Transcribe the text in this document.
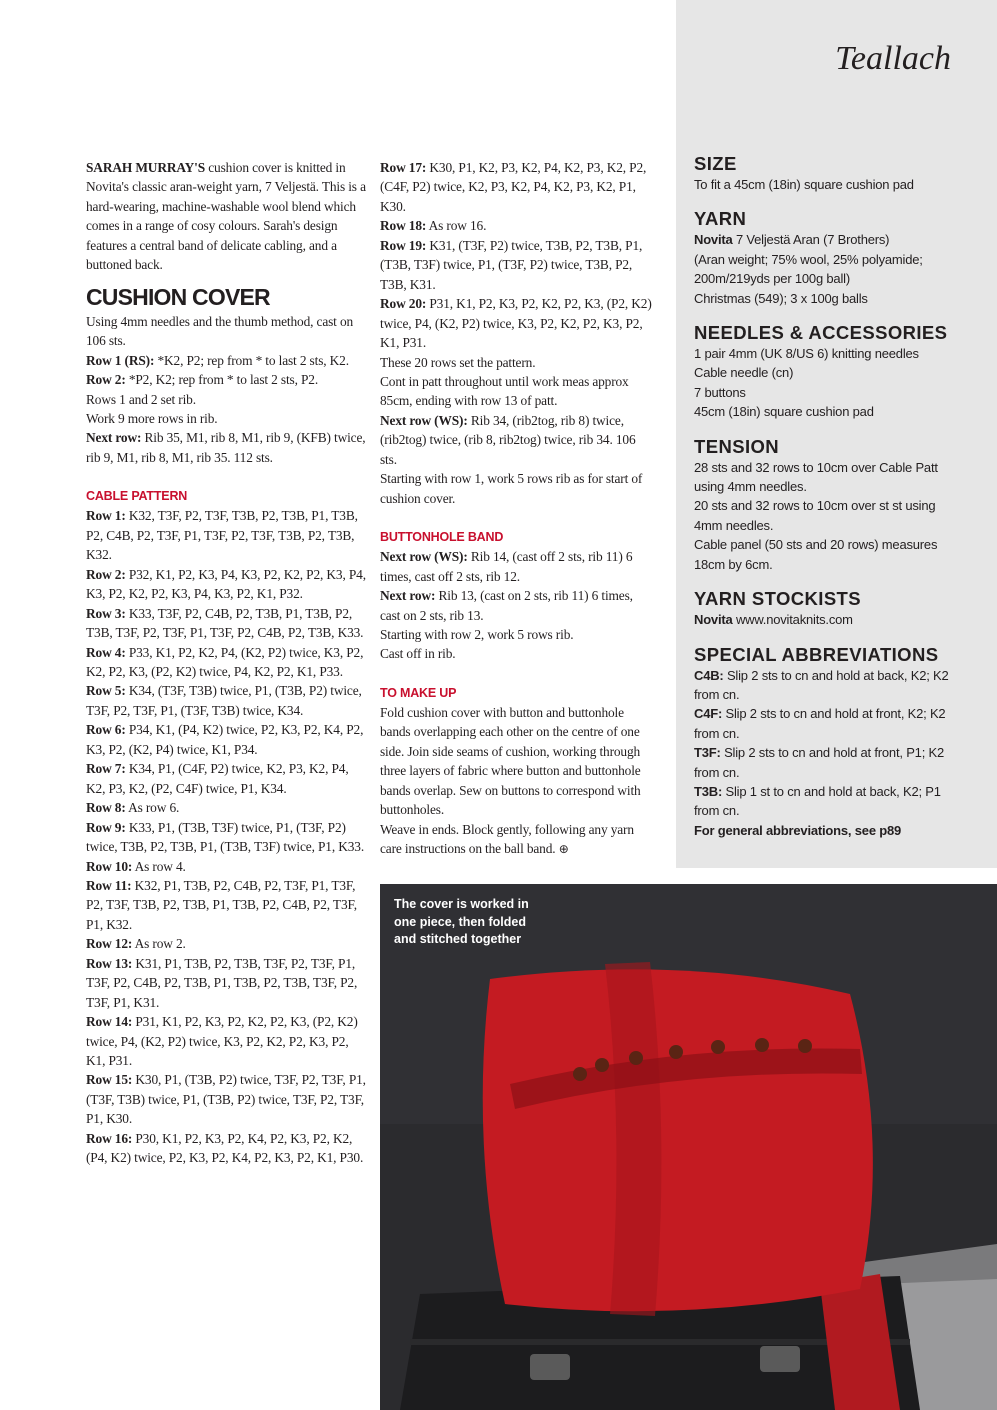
Teallach

SARAH MURRAY'S cushion cover is knitted in Novita's classic aran-weight yarn, 7 Veljestä. This is a hard-wearing, machine-washable wool blend which comes in a range of cosy colours. Sarah's design features a central band of delicate cabling, and a buttoned back.

CUSHION COVER

Using 4mm needles and the thumb method, cast on 106 sts.

Row 1 (RS): *K2, P2; rep from * to last 2 sts, K2.

Row 2: *P2, K2; rep from * to last 2 sts, P2.

Rows 1 and 2 set rib.

Work 9 more rows in rib.

Next row: Rib 35, M1, rib 8, M1, rib 9, (KFB) twice, rib 9, M1, rib 8, M1, rib 35. 112 sts.

CABLE PATTERN

Row 1: K32, T3F, P2, T3F, T3B, P2, T3B, P1, T3B, P2, C4B, P2, T3F, P1, T3F, P2, T3F, T3B, P2, T3B, K32.

Row 2: P32, K1, P2, K3, P4, K3, P2, K2, P2, K3, P4, K3, P2, K2, P2, K3, P4, K3, P2, K1, P32.

Row 3: K33, T3F, P2, C4B, P2, T3B, P1, T3B, P2, T3B, T3F, P2, T3F, P1, T3F, P2, C4B, P2, T3B, K33.

Row 4: P33, K1, P2, K2, P4, (K2, P2) twice, K3, P2, K2, P2, K3, (P2, K2) twice, P4, K2, P2, K1, P33.

Row 5: K34, (T3F, T3B) twice, P1, (T3B, P2) twice, T3F, P2, T3F, P1, (T3F, T3B) twice, K34.

Row 6: P34, K1, (P4, K2) twice, P2, K3, P2, K4, P2, K3, P2, (K2, P4) twice, K1, P34.

Row 7: K34, P1, (C4F, P2) twice, K2, P3, K2, P4, K2, P3, K2, (P2, C4F) twice, P1, K34.

Row 8: As row 6.

Row 9: K33, P1, (T3B, T3F) twice, P1, (T3F, P2) twice, T3B, P2, T3B, P1, (T3B, T3F) twice, P1, K33.

Row 10: As row 4.

Row 11: K32, P1, T3B, P2, C4B, P2, T3F, P1, T3F, P2, T3F, T3B, P2, T3B, P1, T3B, P2, C4B, P2, T3F, P1, K32.

Row 12: As row 2.

Row 13: K31, P1, T3B, P2, T3B, T3F, P2, T3F, P1, T3F, P2, C4B, P2, T3B, P1, T3B, P2, T3B, T3F, P2, T3F, P1, K31.

Row 14: P31, K1, P2, K3, P2, K2, P2, K3, (P2, K2) twice, P4, (K2, P2) twice, K3, P2, K2, P2, K3, P2, K1, P31.

Row 15: K30, P1, (T3B, P2) twice, T3F, P2, T3F, P1, (T3F, T3B) twice, P1, (T3B, P2) twice, T3F, P2, T3F, P1, K30.

Row 16: P30, K1, P2, K3, P2, K4, P2, K3, P2, K2, (P4, K2) twice, P2, K3, P2, K4, P2, K3, P2, K1, P30.

Row 17: K30, P1, K2, P3, K2, P4, K2, P3, K2, P2, (C4F, P2) twice, K2, P3, K2, P4, K2, P3, K2, P1, K30.

Row 18: As row 16.

Row 19: K31, (T3F, P2) twice, T3B, P2, T3B, P1, (T3B, T3F) twice, P1, (T3F, P2) twice, T3B, P2, T3B, K31.

Row 20: P31, K1, P2, K3, P2, K2, P2, K3, (P2, K2) twice, P4, (K2, P2) twice, K3, P2, K2, P2, K3, P2, K1, P31.

These 20 rows set the pattern.

Cont in patt throughout until work meas approx 85cm, ending with row 13 of patt.

Next row (WS): Rib 34, (rib2tog, rib 8) twice, (rib2tog) twice, (rib 8, rib2tog) twice, rib 34. 106 sts.

Starting with row 1, work 5 rows rib as for start of cushion cover.

BUTTONHOLE BAND

Next row (WS): Rib 14, (cast off 2 sts, rib 11) 6 times, cast off 2 sts, rib 12.

Next row: Rib 13, (cast on 2 sts, rib 11) 6 times, cast on 2 sts, rib 13.

Starting with row 2, work 5 rows rib.

Cast off in rib.

TO MAKE UP

Fold cushion cover with button and buttonhole bands overlapping each other on the centre of one side. Join side seams of cushion, working through three layers of fabric where button and buttonhole bands overlap. Sew on buttons to correspond with buttonholes.

Weave in ends. Block gently, following any yarn care instructions on the ball band. ⊕

SIZE

To fit a 45cm (18in) square cushion pad

YARN

Novita 7 Veljestä Aran (7 Brothers)

(Aran weight; 75% wool, 25% polyamide; 200m/219yds per 100g ball)

Christmas (549); 3 x 100g balls

NEEDLES & ACCESSORIES

1 pair 4mm (UK 8/US 6) knitting needles

Cable needle (cn)

7 buttons

45cm (18in) square cushion pad

TENSION

28 sts and 32 rows to 10cm over Cable Patt using 4mm needles.

20 sts and 32 rows to 10cm over st st using 4mm needles.

Cable panel (50 sts and 20 rows) measures 18cm by 6cm.

YARN STOCKISTS

Novita www.novitaknits.com

SPECIAL ABBREVIATIONS

C4B: Slip 2 sts to cn and hold at back, K2; K2 from cn.

C4F: Slip 2 sts to cn and hold at front, K2; K2 from cn.

T3F: Slip 2 sts to cn and hold at front, P1; K2 from cn.

T3B: Slip 1 st to cn and hold at back, K2; P1 from cn.

For general abbreviations, see p89

The cover is worked in one piece, then folded and stitched together
